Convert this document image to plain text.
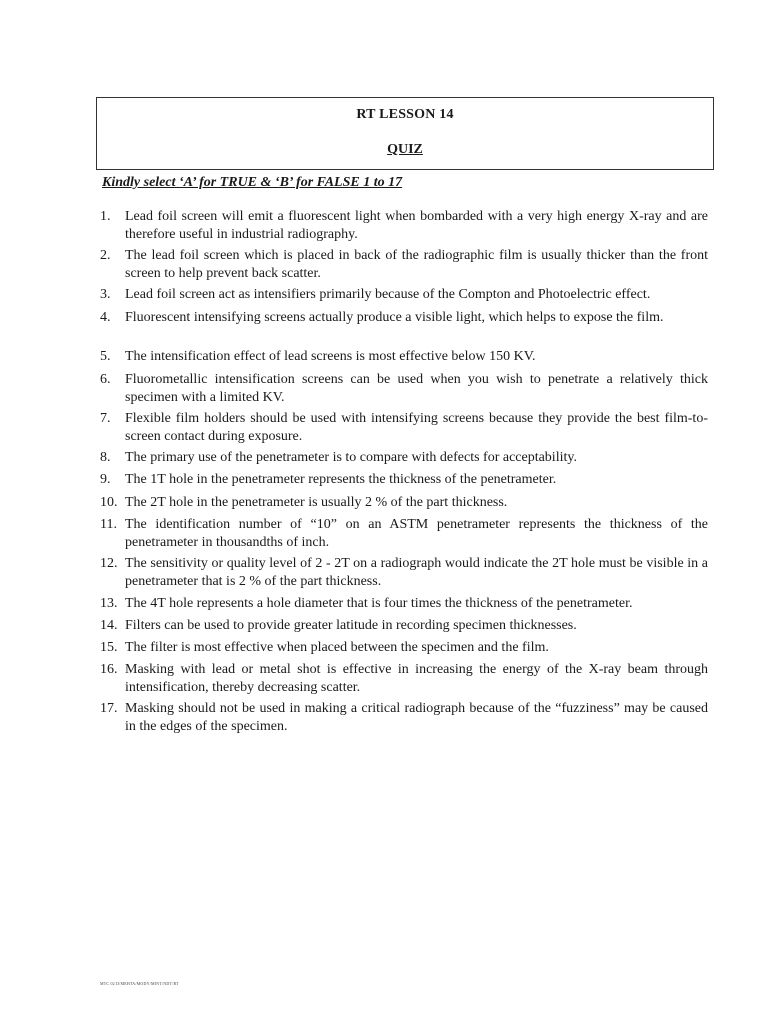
RT LESSON 14
QUIZ
Kindly select ‘A’ for TRUE & ‘B’ for FALSE 1 to 17
1. Lead foil screen will emit a fluorescent light when bombarded with a very high energy X-ray and are therefore useful in industrial radiography.
2. The lead foil screen which is placed in back of the radiographic film is usually thicker than the front screen to help prevent back scatter.
3. Lead foil screen act as intensifiers primarily because of the Compton and Photoelectric effect.
4. Fluorescent intensifying screens actually produce a visible light, which helps to expose the film.
5. The intensification effect of lead screens is most effective below 150 KV.
6. Fluorometallic intensification screens can be used when you wish to penetrate a relatively thick specimen with a limited KV.
7. Flexible film holders should be used with intensifying screens because they provide the best film-to-screen contact during exposure.
8. The primary use of the penetrameter is to compare with defects for acceptability.
9. The 1T hole in the penetrameter represents the thickness of the penetrameter.
10. The 2T hole in the penetrameter is usually 2 % of the part thickness.
11. The identification number of “10” on an ASTM penetrameter represents the thickness of the penetrameter in thousandths of inch.
12. The sensitivity or quality level of 2 - 2T on a radiograph would indicate the 2T hole must be visible in a penetrameter that is 2 % of the part thickness.
13. The 4T hole represents a hole diameter that is four times the thickness of the penetrameter.
14. Filters can be used to provide greater latitude in recording specimen thicknesses.
15. The filter is most effective when placed between the specimen and the film.
16. Masking with lead or metal shot is effective in increasing the energy of the X-ray beam through intensification, thereby decreasing scatter.
17. Masking should not be used in making a critical radiograph because of the “fuzziness” may be caused in the edges of the specimen.
MTC 02 D/MEHTA/MODY/MINT/NDT/RT
